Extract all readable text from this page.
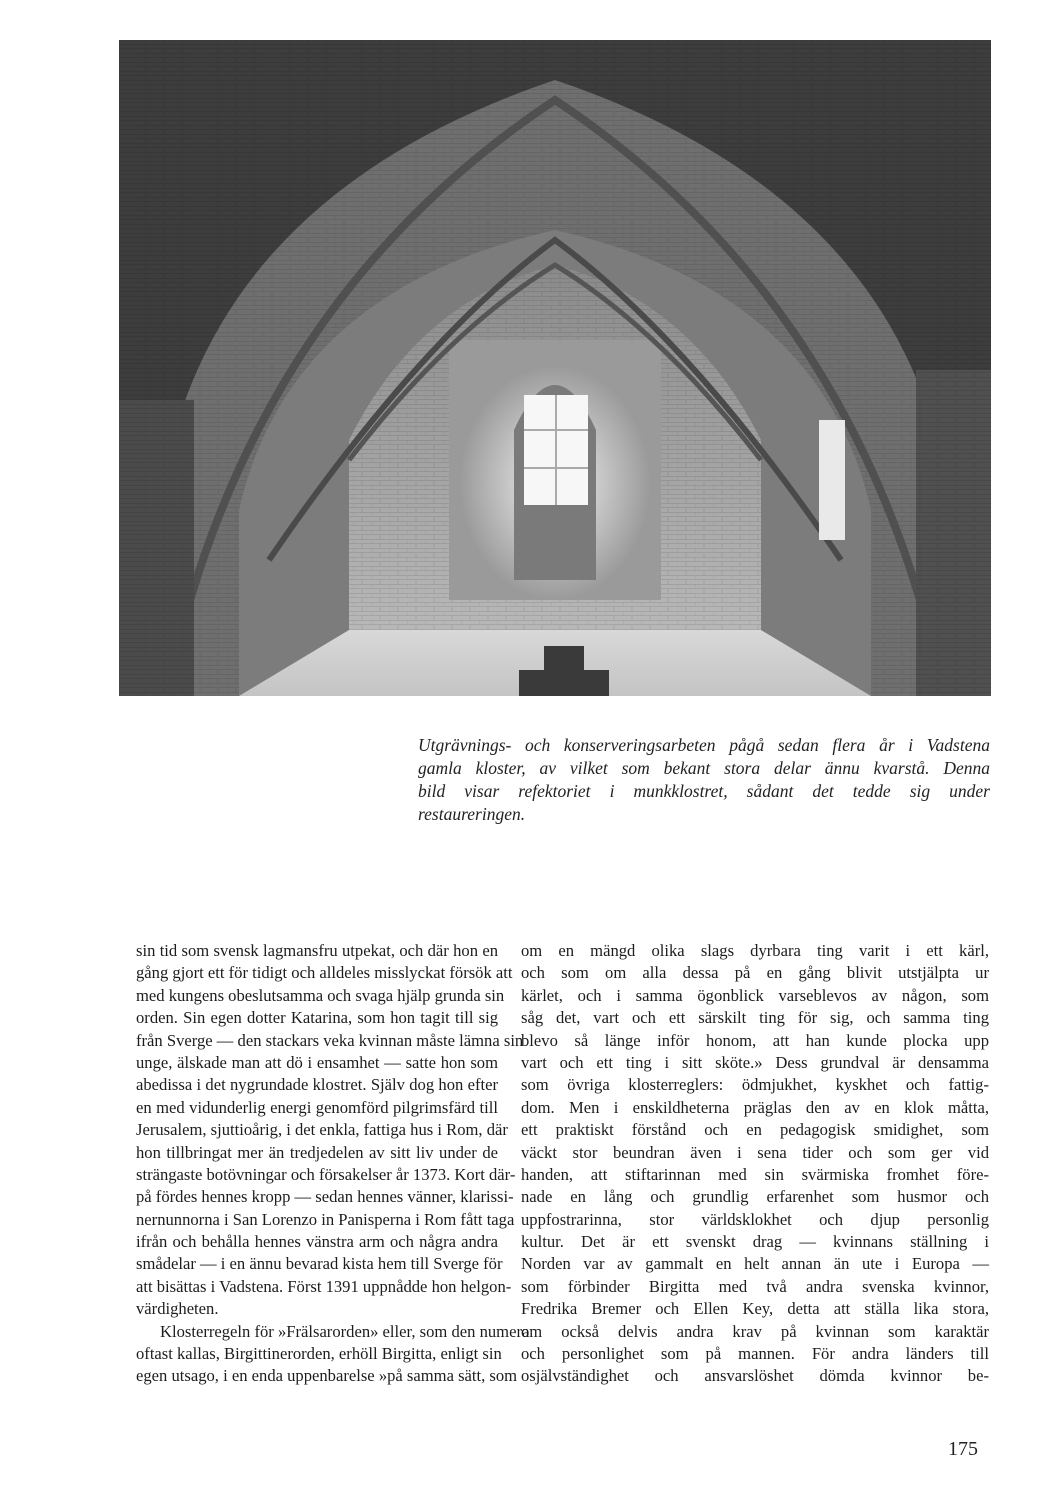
Utgrävnings- och konserveringsarbeten pågå sedan flera år i Vadstena
gamla kloster, av vilket som bekant stora delar ännu kvarstå. Denna
bild visar refektoriet i munkklostret, sådant det tedde sig under
restaureringen.

sin tid som svensk lagmansfru utpekat, och där hon en
gång gjort ett för tidigt och alldeles misslyckat försök att
med kungens obeslutsamma och svaga hjälp grunda sin
orden. Sin egen dotter Katarina, som hon tagit till sig
från Sverge — den stackars veka kvinnan måste lämna sin
unge, älskade man att dö i ensamhet — satte hon som
abedissa i det nygrundade klostret. Själv dog hon efter
en med vidunderlig energi genomförd pilgrimsfärd till
Jerusalem, sjuttioårig, i det enkla, fattiga hus i Rom, där
hon tillbringat mer än tredjedelen av sitt liv under de
strängaste botövningar och försakelser år 1373. Kort där-
på fördes hennes kropp — sedan hennes vänner, klarissi-
nernunnorna i San Lorenzo in Panisperna i Rom fått taga
ifrån och behålla hennes vänstra arm och några andra
smådelar — i en ännu bevarad kista hem till Sverge för
att bisättas i Vadstena. Först 1391 uppnådde hon helgon-
värdigheten.
Klosterregeln för »Frälsarorden» eller, som den numera
oftast kallas, Birgittinerorden, erhöll Birgitta, enligt sin
egen utsago, i en enda uppenbarelse »på samma sätt, som
om en mängd olika slags dyrbara ting varit i ett kärl,
och som om alla dessa på en gång blivit utstjälpta ur
kärlet, och i samma ögonblick varseblevos av någon, som
såg det, vart och ett särskilt ting för sig, och samma ting
blevo så länge inför honom, att han kunde plocka upp
vart och ett ting i sitt sköte.» Dess grundval är densamma
som övriga klosterreglers: ödmjukhet, kyskhet och fattig-
dom. Men i enskildheterna präglas den av en klok måtta,
ett praktiskt förstånd och en pedagogisk smidighet, som
väckt stor beundran även i sena tider och som ger vid
handen, att stiftarinnan med sin svärmiska fromhet före-
nade en lång och grundlig erfarenhet som husmor och
uppfostrarinna, stor världsklokhet och djup personlig
kultur. Det är ett svenskt drag — kvinnans ställning i
Norden var av gammalt en helt annan än ute i Europa —
som förbinder Birgitta med två andra svenska kvinnor,
Fredrika Bremer och Ellen Key, detta att ställa lika stora,
om också delvis andra krav på kvinnan som karaktär
och personlighet som på mannen. För andra länders till
osjälvständighet och ansvarslöshet dömda kvinnor be-
175
